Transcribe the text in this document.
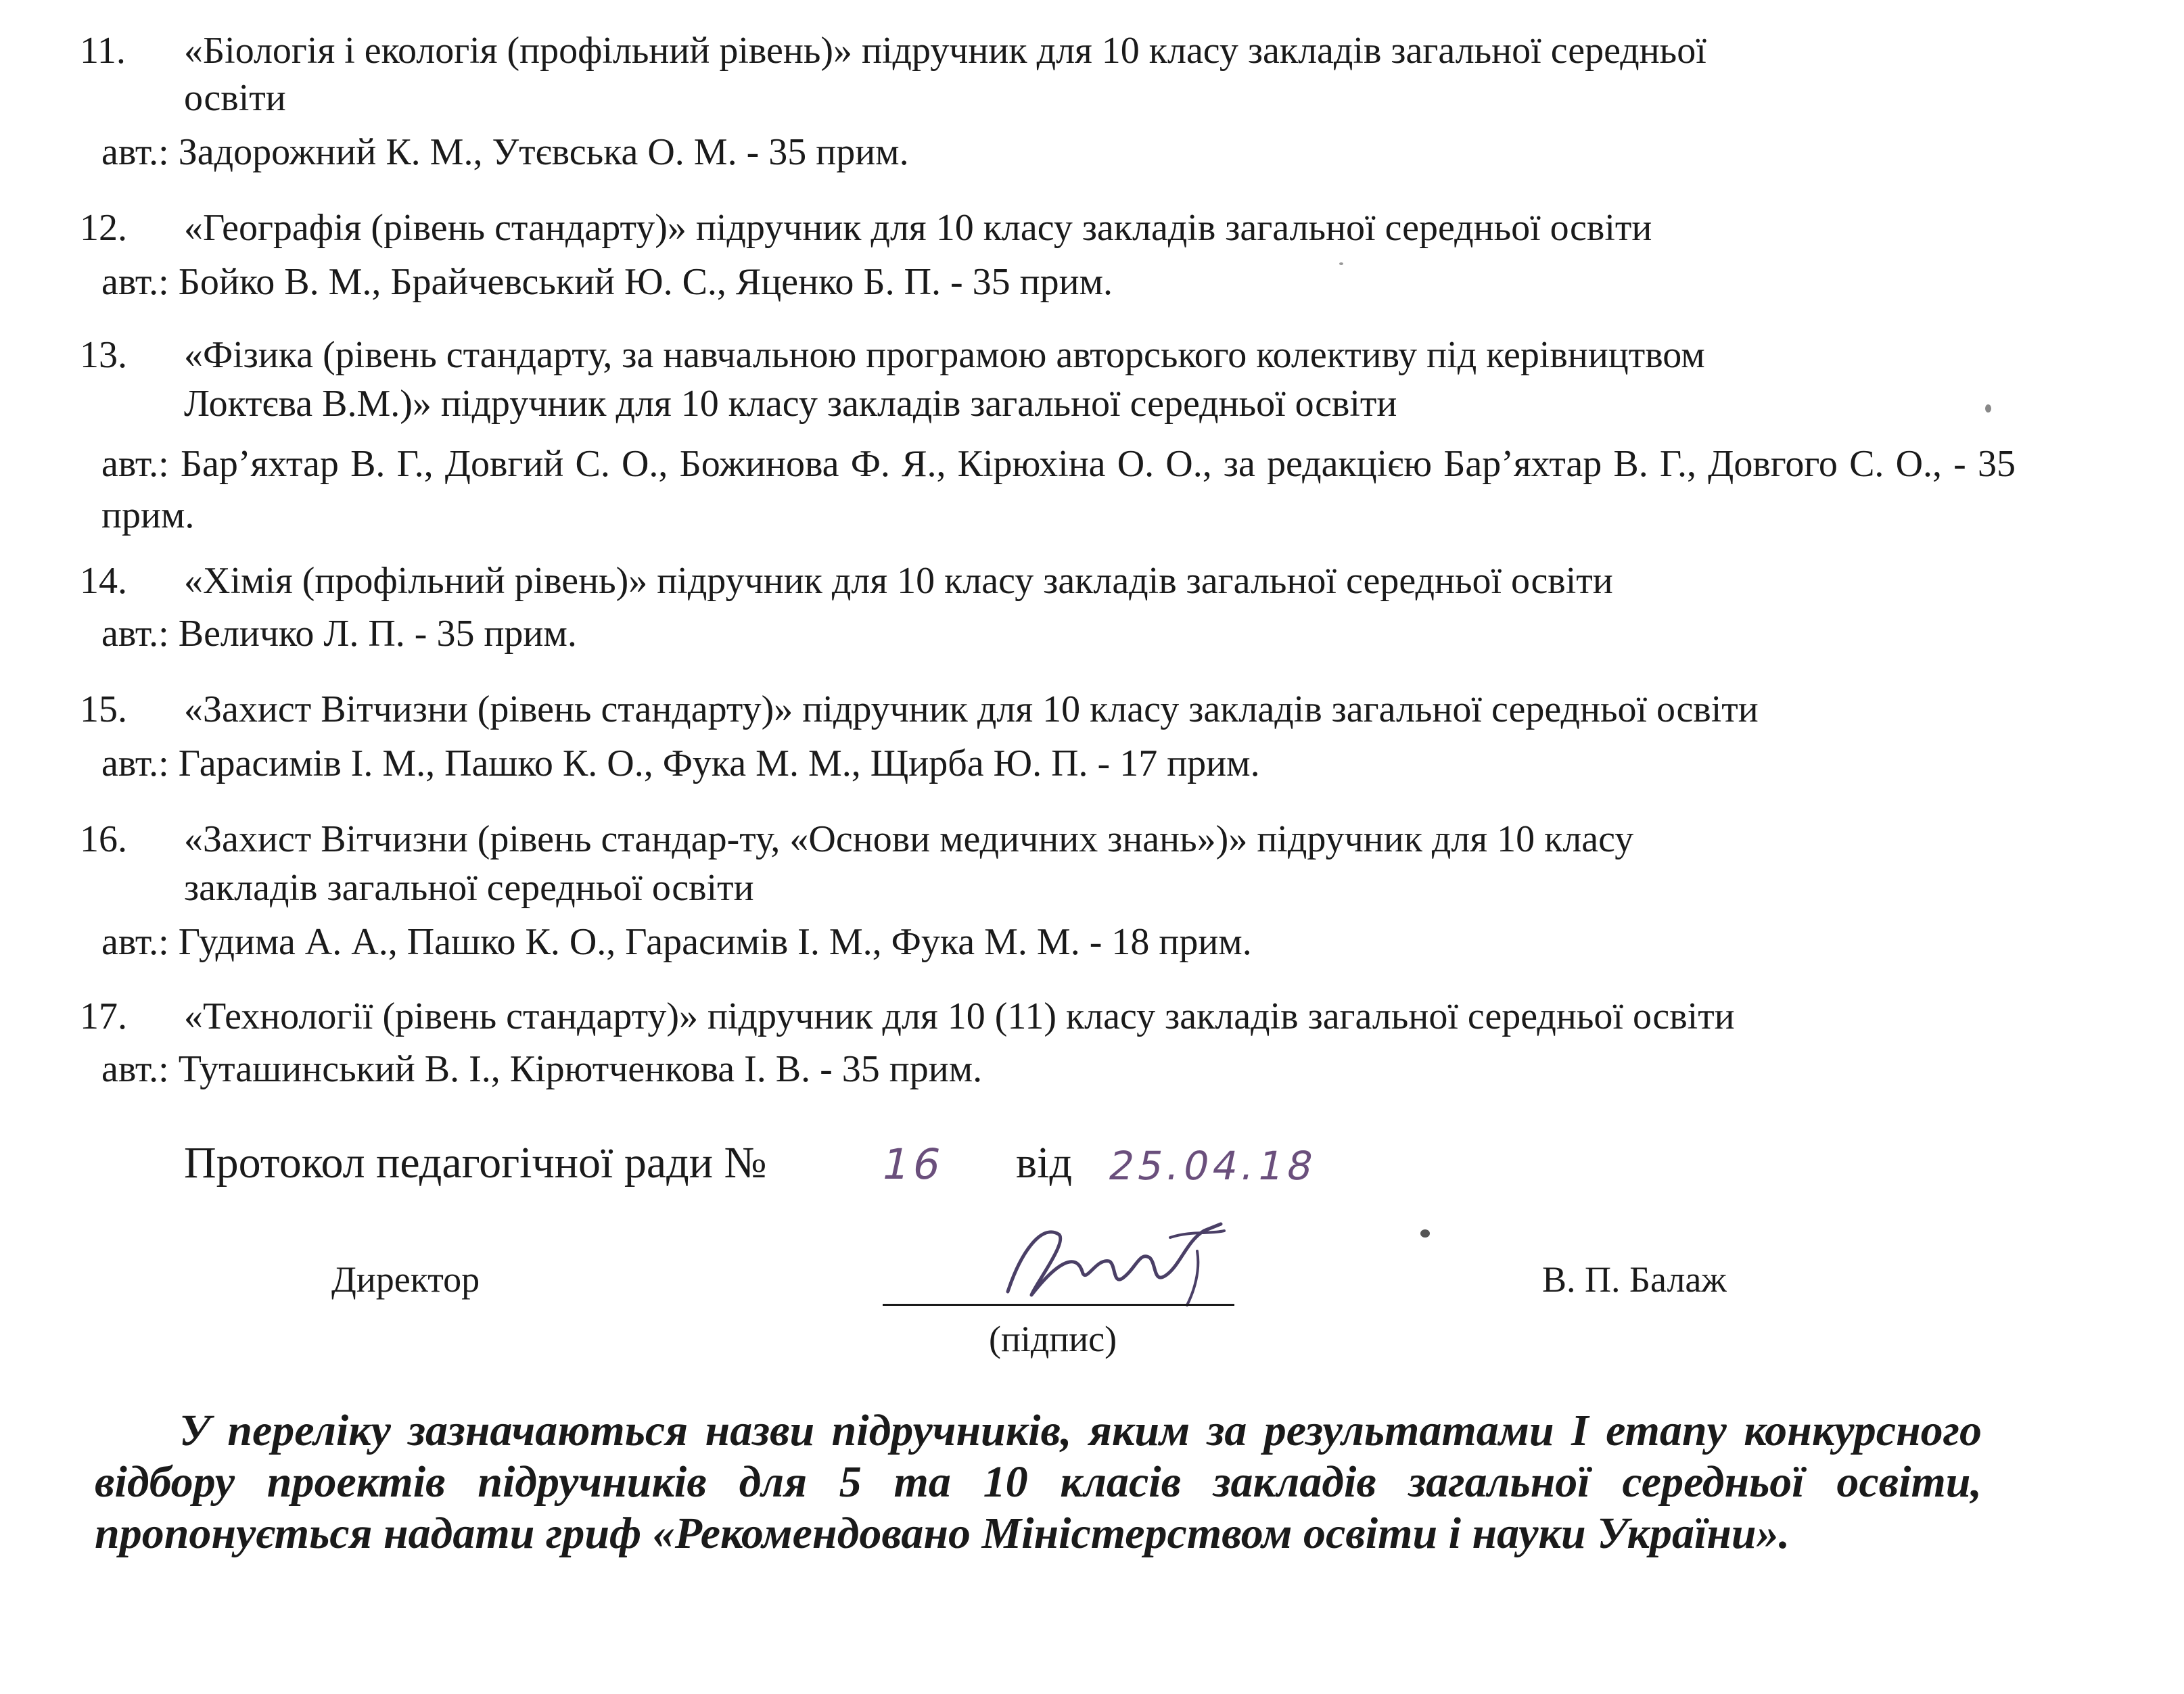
11. «Біологія і екологія (профільний рівень)» підручник для 10 класу закладів загальної середньої
освіти
авт.: Задорожний К. М., Утєвська О. М. - 35 прим.
12. «Географія (рівень стандарту)» підручник для 10 класу закладів загальної середньої освіти
авт.: Бойко В. М., Брайчевський Ю. С., Яценко Б. П. - 35 прим.
13. «Фізика (рівень стандарту, за навчальною програмою авторського колективу під керівництвом
Локтєва В.М.)» підручник для 10 класу закладів загальної середньої освіти
авт.: Бар’яхтар В. Г., Довгий С. О., Божинова Ф. Я., Кірюхіна О. О., за редакцією Бар’яхтар В. Г., Довгого С. О., - 35 прим.
14. «Хімія (профільний рівень)» підручник для 10 класу закладів загальної середньої освіти
авт.: Величко Л. П. - 35 прим.
15. «Захист Вітчизни (рівень стандарту)» підручник для 10 класу закладів загальної середньої освіти
авт.: Гарасимів І. М., Пашко К. О., Фука М. М., Щирба Ю. П. - 17 прим.
16. «Захист Вітчизни (рівень стандар-ту, «Основи медичних знань»)» підручник для 10 класу
закладів загальної середньої освіти
авт.: Гудима А. А., Пашко К. О., Гарасимів І. М., Фука М. М. - 18 прим.
17. «Технології (рівень стандарту)» підручник для 10 (11) класу закладів загальної середньої освіти
авт.: Туташинський В. І., Кірютченкова І. В. - 35 прим.
Протокол педагогічної ради №	16 від 25.04.18
Директор
(підпис)
В. П. Балаж
У переліку зазначаються назви підручників, яким за результатами І етапу конкурсного відбору проектів підручників для 5 та 10 класів закладів загальної середньої освіти, пропонується надати гриф «Рекомендовано Міністерством освіти і науки України».
